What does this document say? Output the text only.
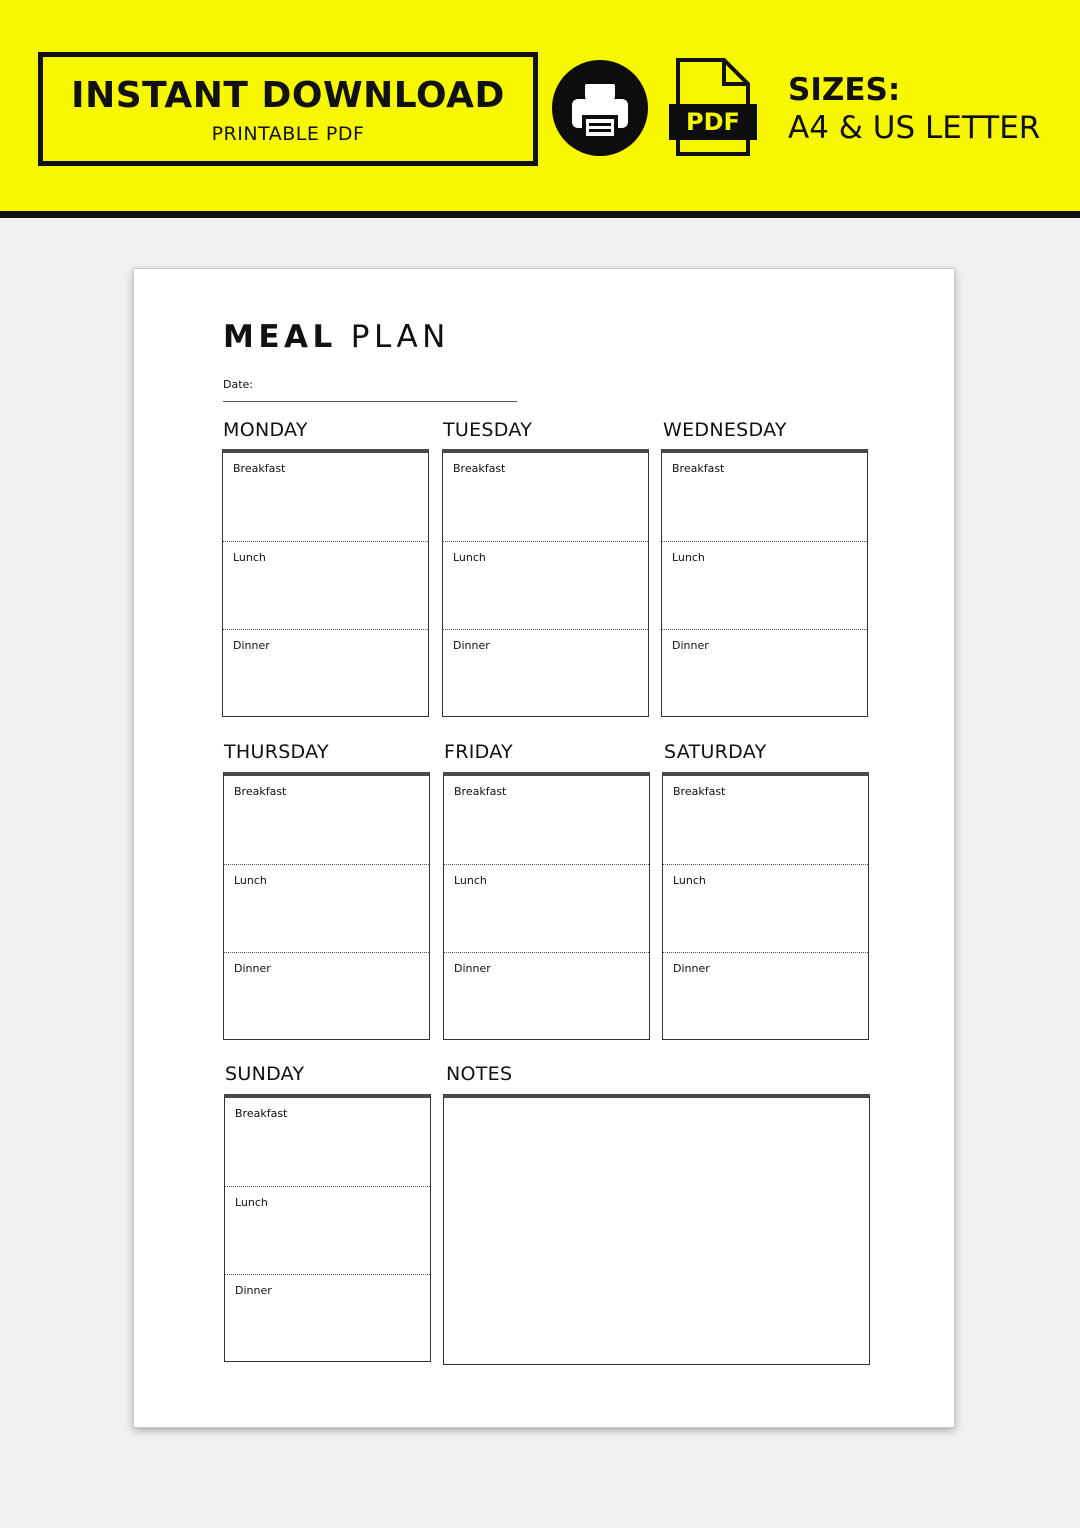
INSTANT DOWNLOAD
PRINTABLE PDF	PDF
SIZES:
A4 & US LETTER
MEAL PLAN
Date:
MONDAY
Breakfast
Lunch
Dinner
TUESDAY
Breakfast
Lunch
Dinner
WEDNESDAY
Breakfast
Lunch
Dinner
THURSDAY
Breakfast
Lunch
Dinner
FRIDAY
Breakfast
Lunch
Dinner
SATURDAY
Breakfast
Lunch
Dinner
SUNDAY
Breakfast
Lunch
Dinner
NOTES
